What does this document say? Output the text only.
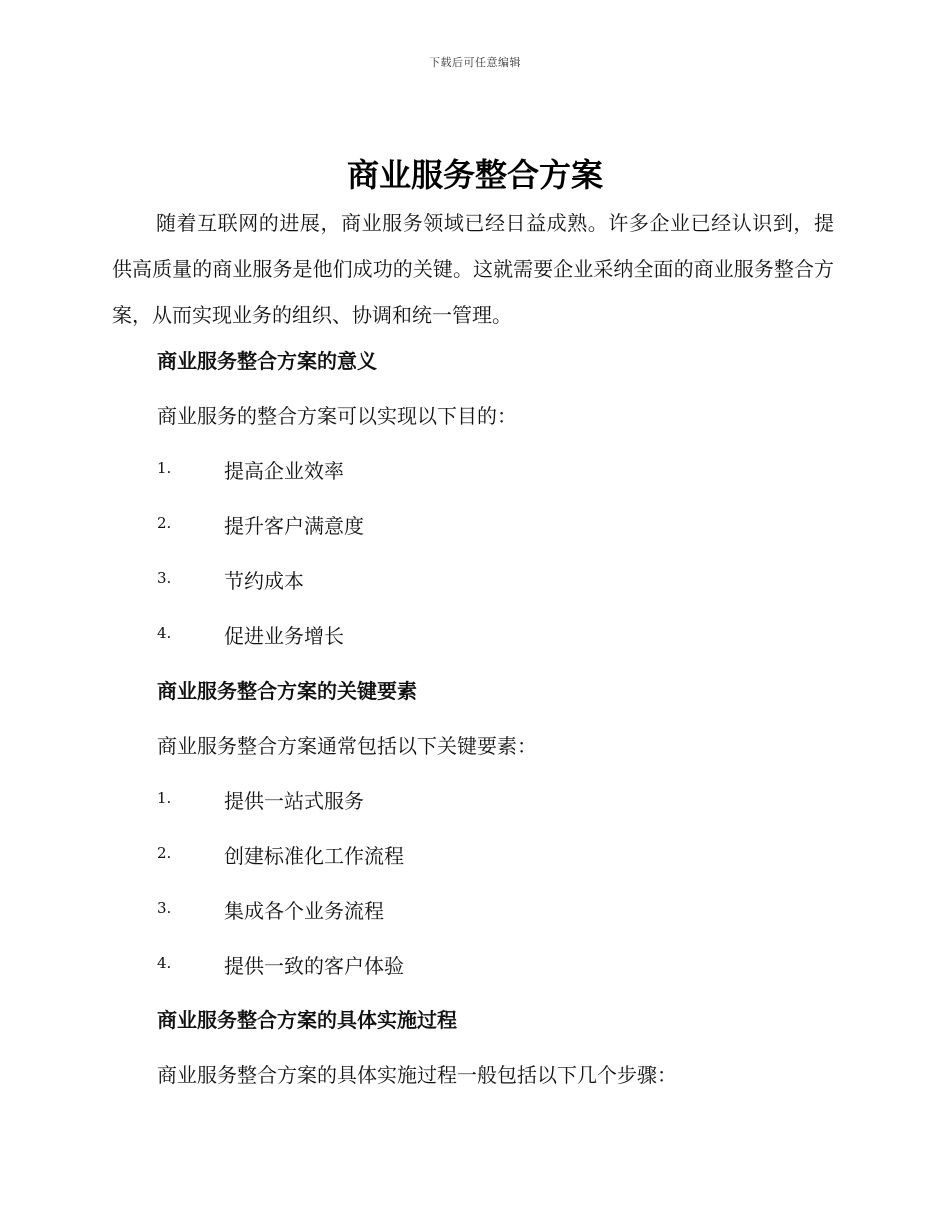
下载后可任意编辑
商业服务整合方案

随着互联网的进展，商业服务领域已经日益成熟。许多企业已经认识到，提供高质量的商业服务是他们成功的关键。这就需要企业采纳全面的商业服务整合方案，从而实现业务的组织、协调和统一管理。

商业服务整合方案的意义

商业服务的整合方案可以实现以下目的：

1.	提高企业效率
2.	提升客户满意度
3.	节约成本
4.	促进业务增长
商业服务整合方案的关键要素

商业服务整合方案通常包括以下关键要素：

1.	提供一站式服务
2.	创建标准化工作流程
3.	集成各个业务流程
4.	提供一致的客户体验
商业服务整合方案的具体实施过程

商业服务整合方案的具体实施过程一般包括以下几个步骤：
